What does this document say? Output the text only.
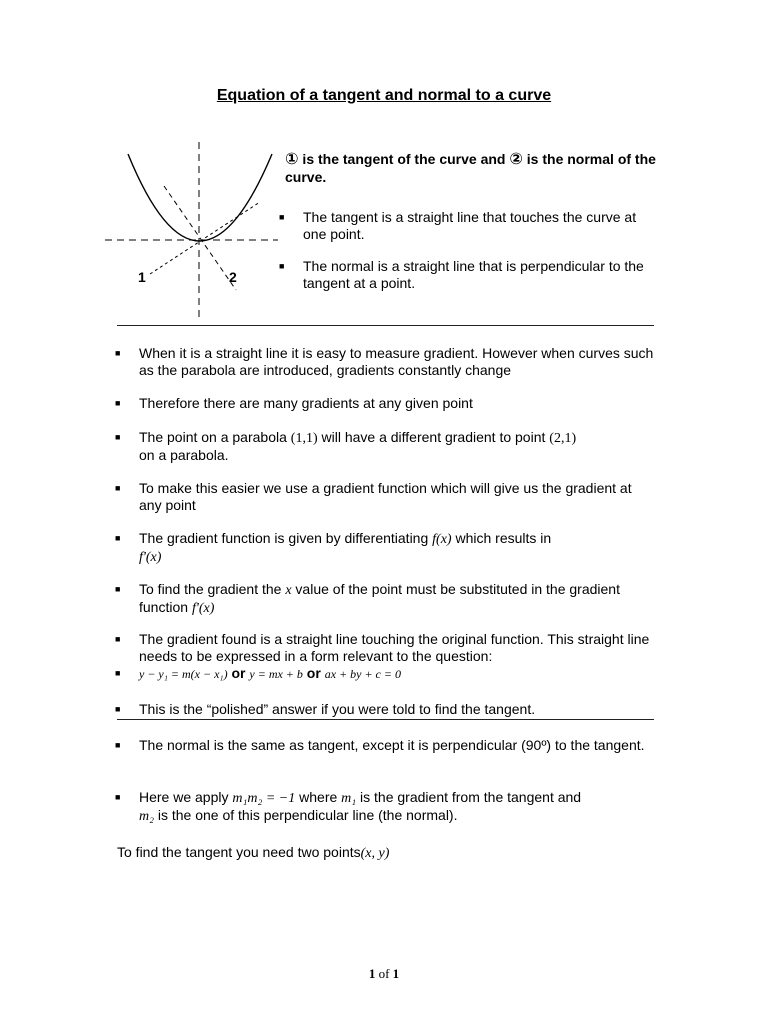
Equation of a tangent and normal to a curve
1	2
① is the tangent of the curve and ② is the normal of the curve.
■ The tangent is a straight line that touches the curve at one point.
■ The normal is a straight line that is perpendicular to the tangent at a point.
■ When it is a straight line it is easy to measure gradient. However when curves such as the parabola are introduced, gradients constantly change
■ Therefore there are many gradients at any given point
■ The point on a parabola (1,1) will have a different gradient to point (2,1)
on a parabola.
■ To make this easier we use a gradient function which will give us the gradient at any point
■ The gradient function is given by differentiating f(x) which results in
f'(x)
■ To find the gradient the x value of the point must be substituted in the gradient function f'(x)
■ The gradient found is a straight line touching the original function. This straight line needs to be expressed in a form relevant to the question:
■ y − y₁ = m(x − x₁) or y = mx + b or ax + by + c = 0
■ This is the “polished” answer if you were told to find the tangent.
■ The normal is the same as tangent, except it is perpendicular (90º) to the tangent.
■ Here we apply m₁m₂ = −1 where m₁ is the gradient from the tangent and
m₂ is the one of this perpendicular line (the normal).
To find the tangent you need two points(x, y)
1 of 1
